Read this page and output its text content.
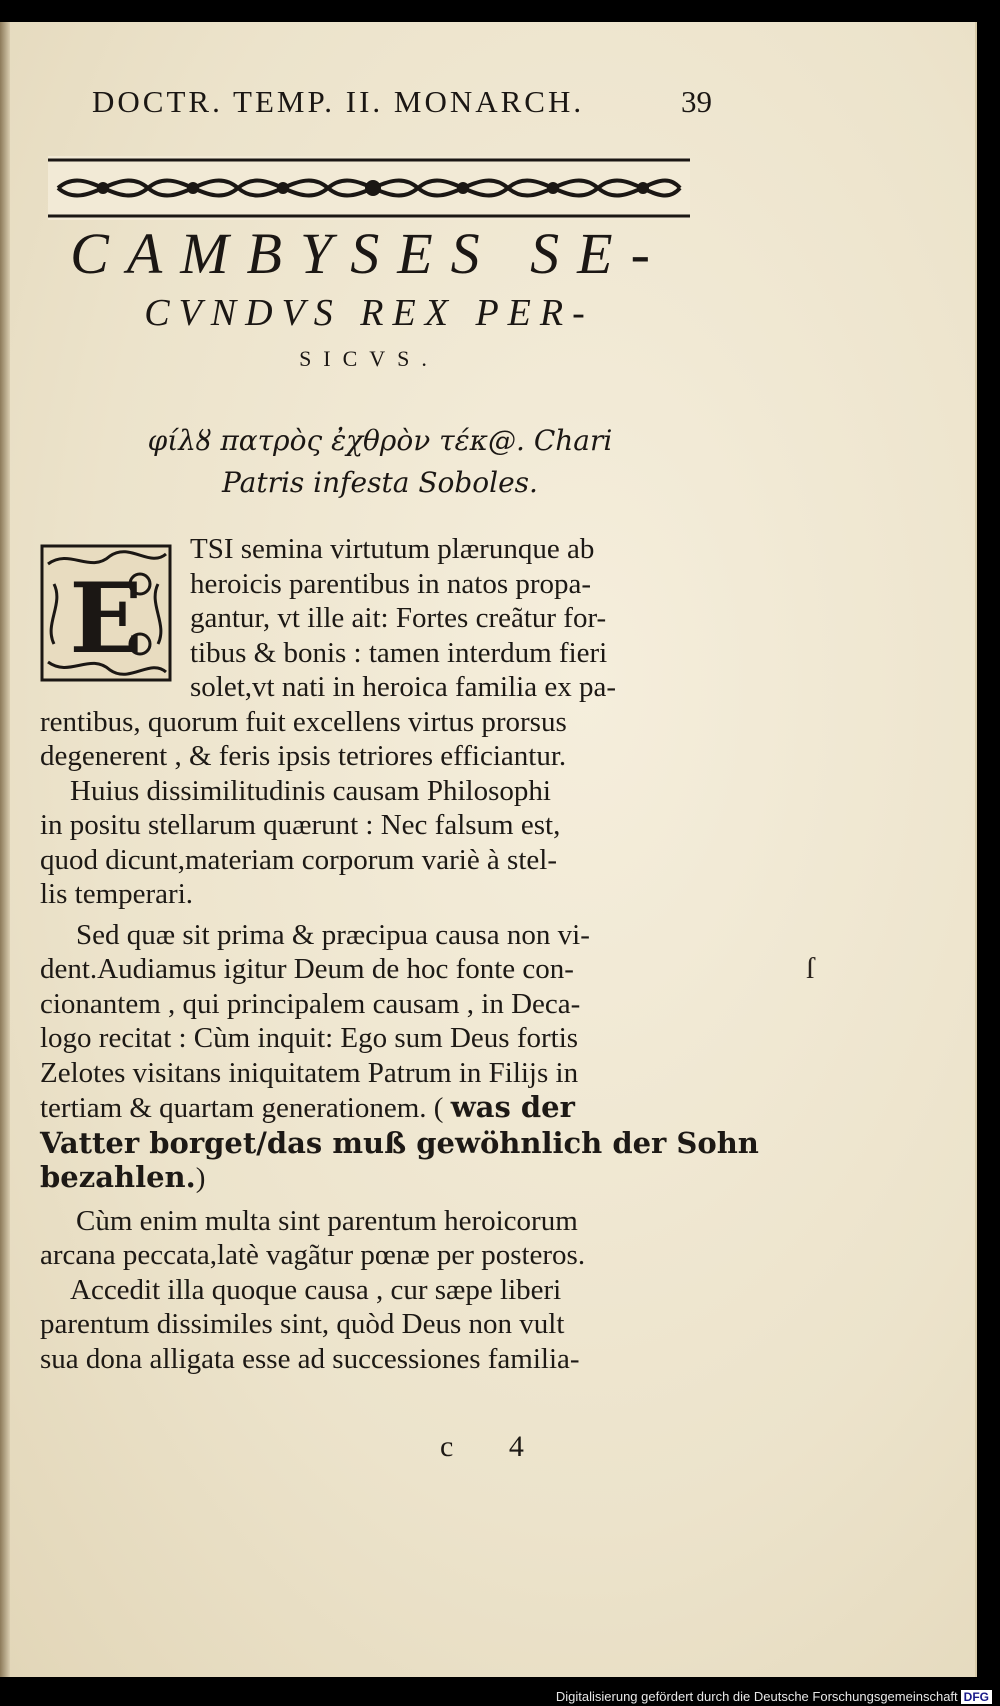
DOCTR. TEMP. II. MONARCH.	39
CAMBYSES SE-
CVNDVS REX PER-
SICVS.
φίλȣ πατρὸς ἐχθρὸν τέκ@. Chari
Patris infesta Soboles.
E
TSI semina virtutum plærunque ab
heroicis parentibus in natos propa-
gantur, vt ille ait: Fortes creãtur for-
tibus & bonis : tamen interdum fieri
solet,vt nati in heroica familia ex pa-
rentibus, quorum fuit excellens virtus prorsus
degenerent , & feris ipsis tetriores efficiantur.
Huius dissimilitudinis causam Philosophi
in positu stellarum quærunt : Nec falsum est,
quod dicunt,materiam corporum variè à stel-
lis temperari.
Sed quæ sit prima & præcipua causa non vi-
dent.Audiamus igitur Deum de hoc fonte con-
cionantem , qui principalem causam , in Deca-
logo recitat : Cùm inquit: Ego sum Deus fortis
Zelotes visitans iniquitatem Patrum in Filijs in
tertiam & quartam generationem. ( was der
Vatter borget/das muß gewöhnlich der Sohn
bezahlen.)
Cùm enim multa sint parentum heroicorum
arcana peccata,latè vagãtur pœnæ per posteros.
Accedit illa quoque causa , cur sæpe liberi
parentum dissimiles sint, quòd Deus non vult
sua dona alligata esse ad successiones familia-
c 4
ſ
Digitalisierung gefördert durch die Deutsche Forschungsgemeinschaft DFG
